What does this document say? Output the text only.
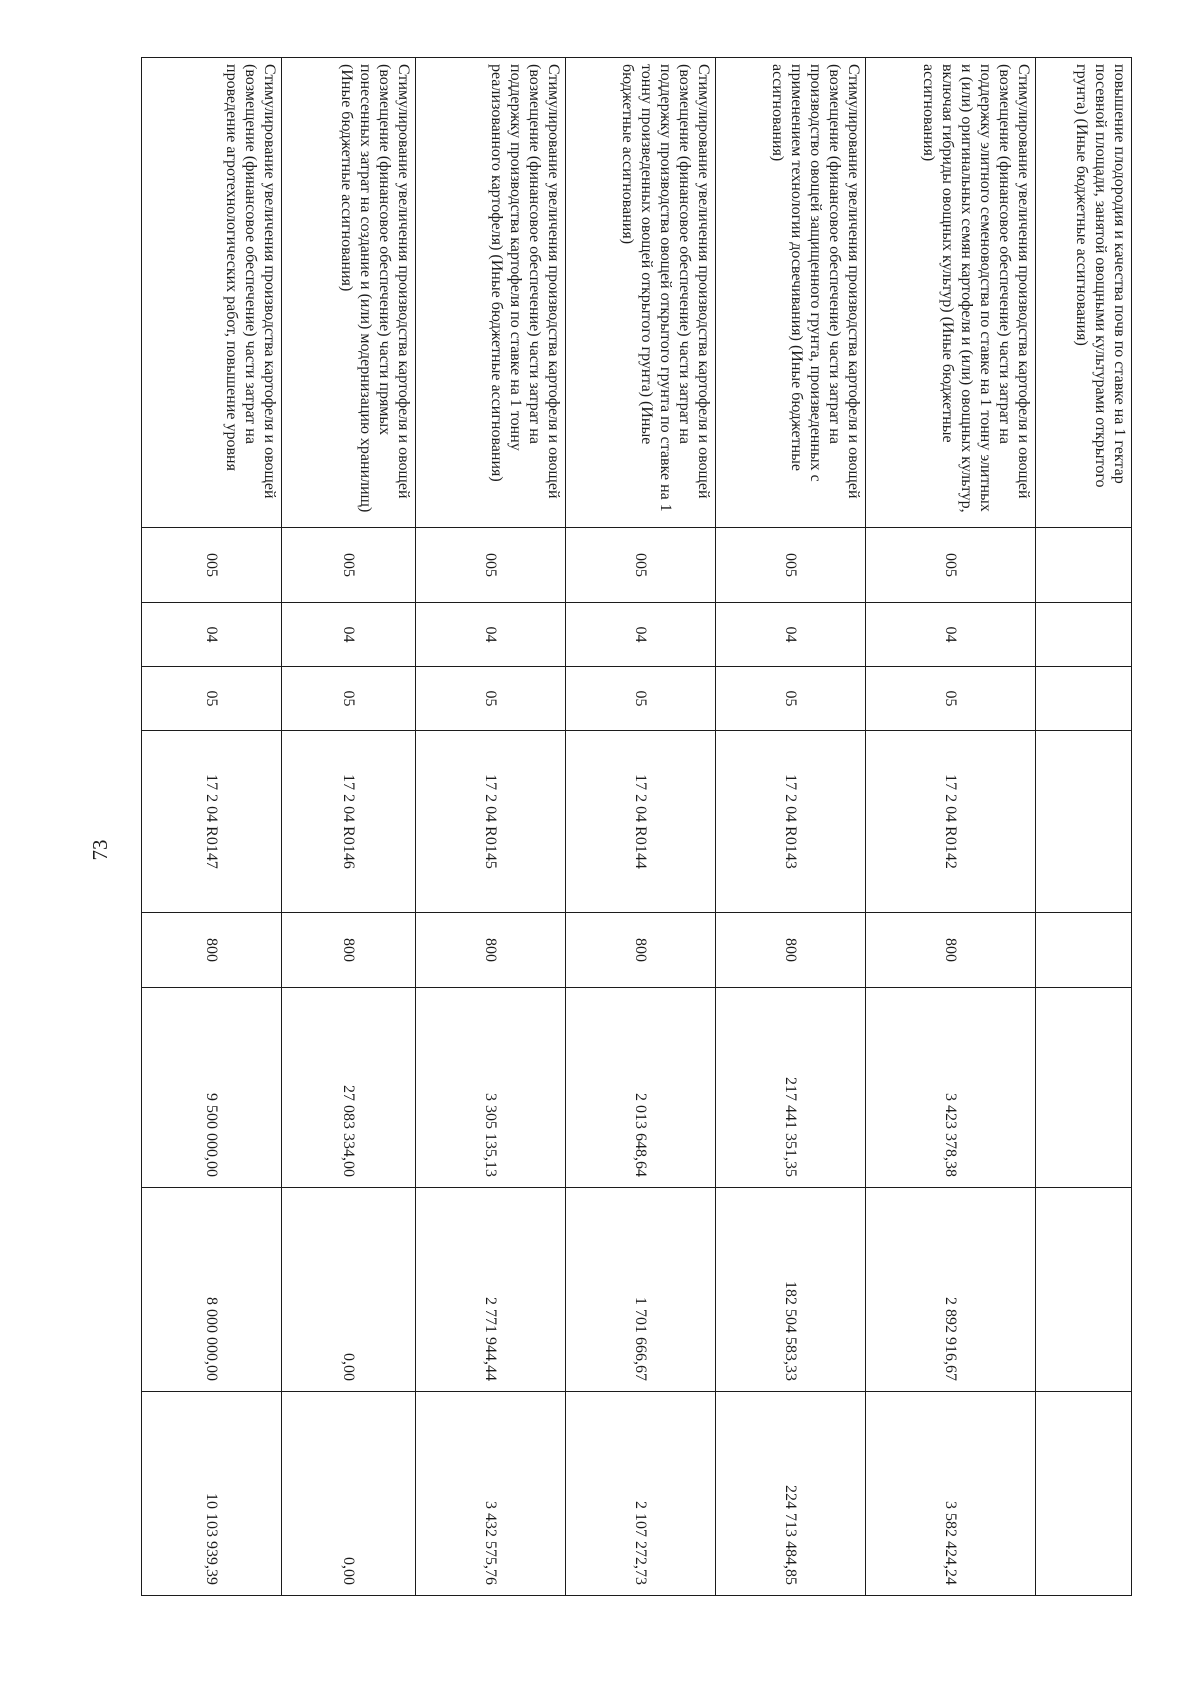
73
повышение плодородия и качества почв по ставке на 1 гектар посевной площади, занятой овощными культурами открытого грунта) (Иные бюджетные ассигнования)								
Стимулирование увеличения производства картофеля и овощей (возмещение (финансовое обеспечение) части затрат на поддержку элитного семеноводства по ставке на 1 тонну элитных и (или) оригинальных семян картофеля и (или) овощных культур, включая гибриды овощных культур) (Иные бюджетные ассигнования)	005	04	05	17 2 04 R0142	800	3 423 378,38	2 892 916,67	3 582 424,24
Стимулирование увеличения производства картофеля и овощей (возмещение (финансовое обеспечение) части затрат на производство овощей защищенного грунта, произведенных с применением технологии досвечивания) (Иные бюджетные ассигнования)	005	04	05	17 2 04 R0143	800	217 441 351,35	182 504 583,33	224 713 484,85
Стимулирование увеличения производства картофеля и овощей (возмещение (финансовое обеспечение) части затрат на поддержку производства овощей открытого грунта по ставке на 1 тонну произведенных овощей открытого грунта) (Иные бюджетные ассигнования)	005	04	05	17 2 04 R0144	800	2 013 648,64	1 701 666,67	2 107 272,73
Стимулирование увеличения производства картофеля и овощей (возмещение (финансовое обеспечение) части затрат на поддержку производства картофеля по ставке на 1 тонну реализованного картофеля) (Иные бюджетные ассигнования)	005	04	05	17 2 04 R0145	800	3 305 135,13	2 771 944,44	3 432 575,76
Стимулирование увеличения производства картофеля и овощей (возмещение (финансовое обеспечение) части прямых понесенных затрат на создание и (или) модернизацию хранилищ) (Иные бюджетные ассигнования)	005	04	05	17 2 04 R0146	800	27 083 334,00	0,00	0,00
Стимулирование увеличения производства картофеля и овощей (возмещение (финансовое обеспечение) части затрат на проведение агротехнологических работ, повышение уровня	005	04	05	17 2 04 R0147	800	9 500 000,00	8 000 000,00	10 103 939,39
